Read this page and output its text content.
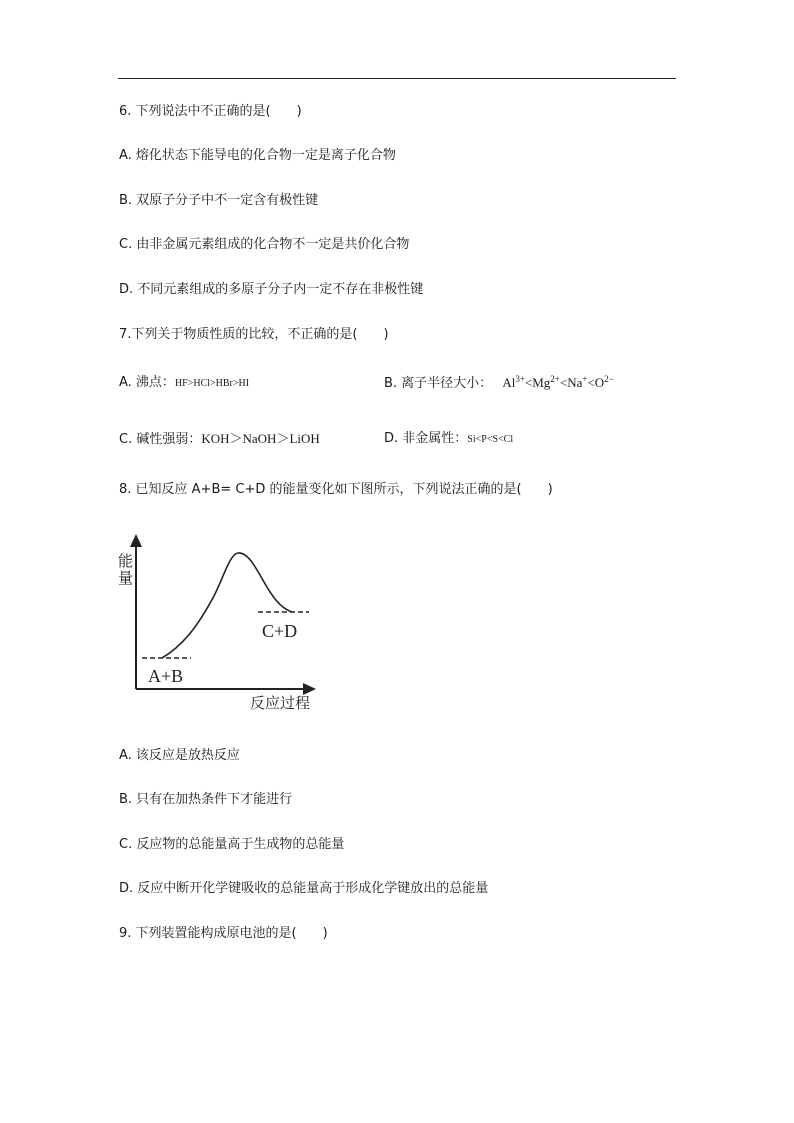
6. 下列说法中不正确的是(　　)
A. 熔化状态下能导电的化合物一定是离子化合物
B. 双原子分子中不一定含有极性键
C. 由非金属元素组成的化合物不一定是共价化合物
D. 不同元素组成的多原子分子内一定不存在非极性键
7.下列关于物质性质的比较，不正确的是(　　)
A. 沸点：HF>HCl>HBr>HI	B. 离子半径大小： $Al^{3+}<Mg^{2+}<Na^+<O^{2-}$
C. 碱性强弱：KOH＞NaOH＞LiOH	D. 非金属性：Si<P<S<Cl
8. 已知反应 A+B= C+D 的能量变化如下图所示，下列说法正确的是(　　)
能
量
反应过程
A+B
C+D
A. 该反应是放热反应
B. 只有在加热条件下才能进行
C. 反应物的总能量高于生成物的总能量
D. 反应中断开化学键吸收的总能量高于形成化学键放出的总能量
9. 下列装置能构成原电池的是(　　)
